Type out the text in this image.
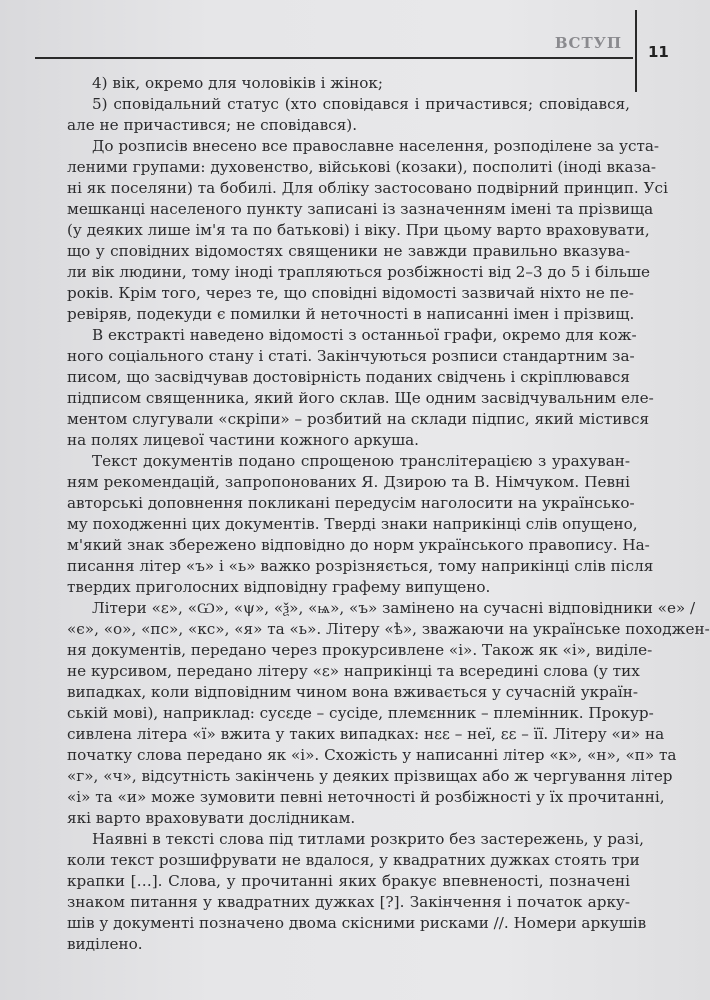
ВСТУП 11
4) вік, окремо для чоловіків і жінок;
5) сповідальний статус (хто сповідався і причастився; сповідався,
але не причастився; не сповідався).
До розписів внесено все православне населення, розподілене за уста-
леними групами: духовенство, військові (козаки), посполиті (іноді вказа-
ні як поселяни) та бобилі. Для обліку застосовано подвірний принцип. Усі
мешканці населеного пункту записані із зазначенням імені та прізвища
(у деяких лише ім'я та по батькові) і віку. При цьому варто враховувати,
що у сповідних відомостях священики не завжди правильно вказува-
ли вік людини, тому іноді трапляються розбіжності від 2–3 до 5 і більше
років. Крім того, через те, що сповідні відомості зазвичай ніхто не пе-
ревіряв, подекуди є помилки й неточності в написанні імен і прізвищ.
В екстракті наведено відомості з останньої графи, окремо для кож-
ного соціального стану і статі. Закінчуються розписи стандартним за-
писом, що засвідчував достовірність поданих свідчень і скріплювався
підписом священника, який його склав. Ще одним засвідчувальним еле-
ментом слугували «скріпи» – розбитий на склади підпис, який містився
на полях лицевої частини кожного аркуша.
Текст документів подано спрощеною транслітерацією з урахуван-
ням рекомендацій, запропонованих Я. Дзирою та В. Німчуком. Певні
авторські доповнення покликані передусім наголосити на українсько-
му походженні цих документів. Тверді знаки наприкінці слів опущено,
м'який знак збережено відповідно до норм українського правопису. На-
писання літер «ъ» і «ь» важко розрізняється, тому наприкінці слів після
твердих приголосних відповідну графему випущено.
Літери «ε», «Ѡ», «ψ», «ѯ», «ѩ», «ъ» замінено на сучасні відповідники «е» /
«є», «о», «пс», «кс», «я» та «ь». Літеру «ѣ», зважаючи на українське походжен-
ня документів, передано через прокурсивлене «і». Також як «і», виділе-
не курсивом, передано літеру «ε» наприкінці та всередині слова (у тих
випадках, коли відповідним чином вона вживається у сучасній україн-
ській мові), наприклад: сусεде – сусіде, племεнник – племінник. Прокур-
сивлена літера «ї» вжита у таких випадках: нεε – неї, εε – її. Літеру «и» на
початку слова передано як «і». Схожість у написанні літер «к», «н», «п» та
«г», «ч», відсутність закінчень у деяких прізвищах або ж чергування літер
«і» та «и» може зумовити певні неточності й розбіжності у їх прочитанні,
які варто враховувати дослідникам.
Наявні в тексті слова під титлами розкрито без застережень, у разі,
коли текст розшифрувати не вдалося, у квадратних дужках стоять три
крапки […]. Слова, у прочитанні яких бракує впевненості, позначені
знаком питання у квадратних дужках [?]. Закінчення і початок арку-
шів у документі позначено двома скісними рисками //. Номери аркушів
виділено.
